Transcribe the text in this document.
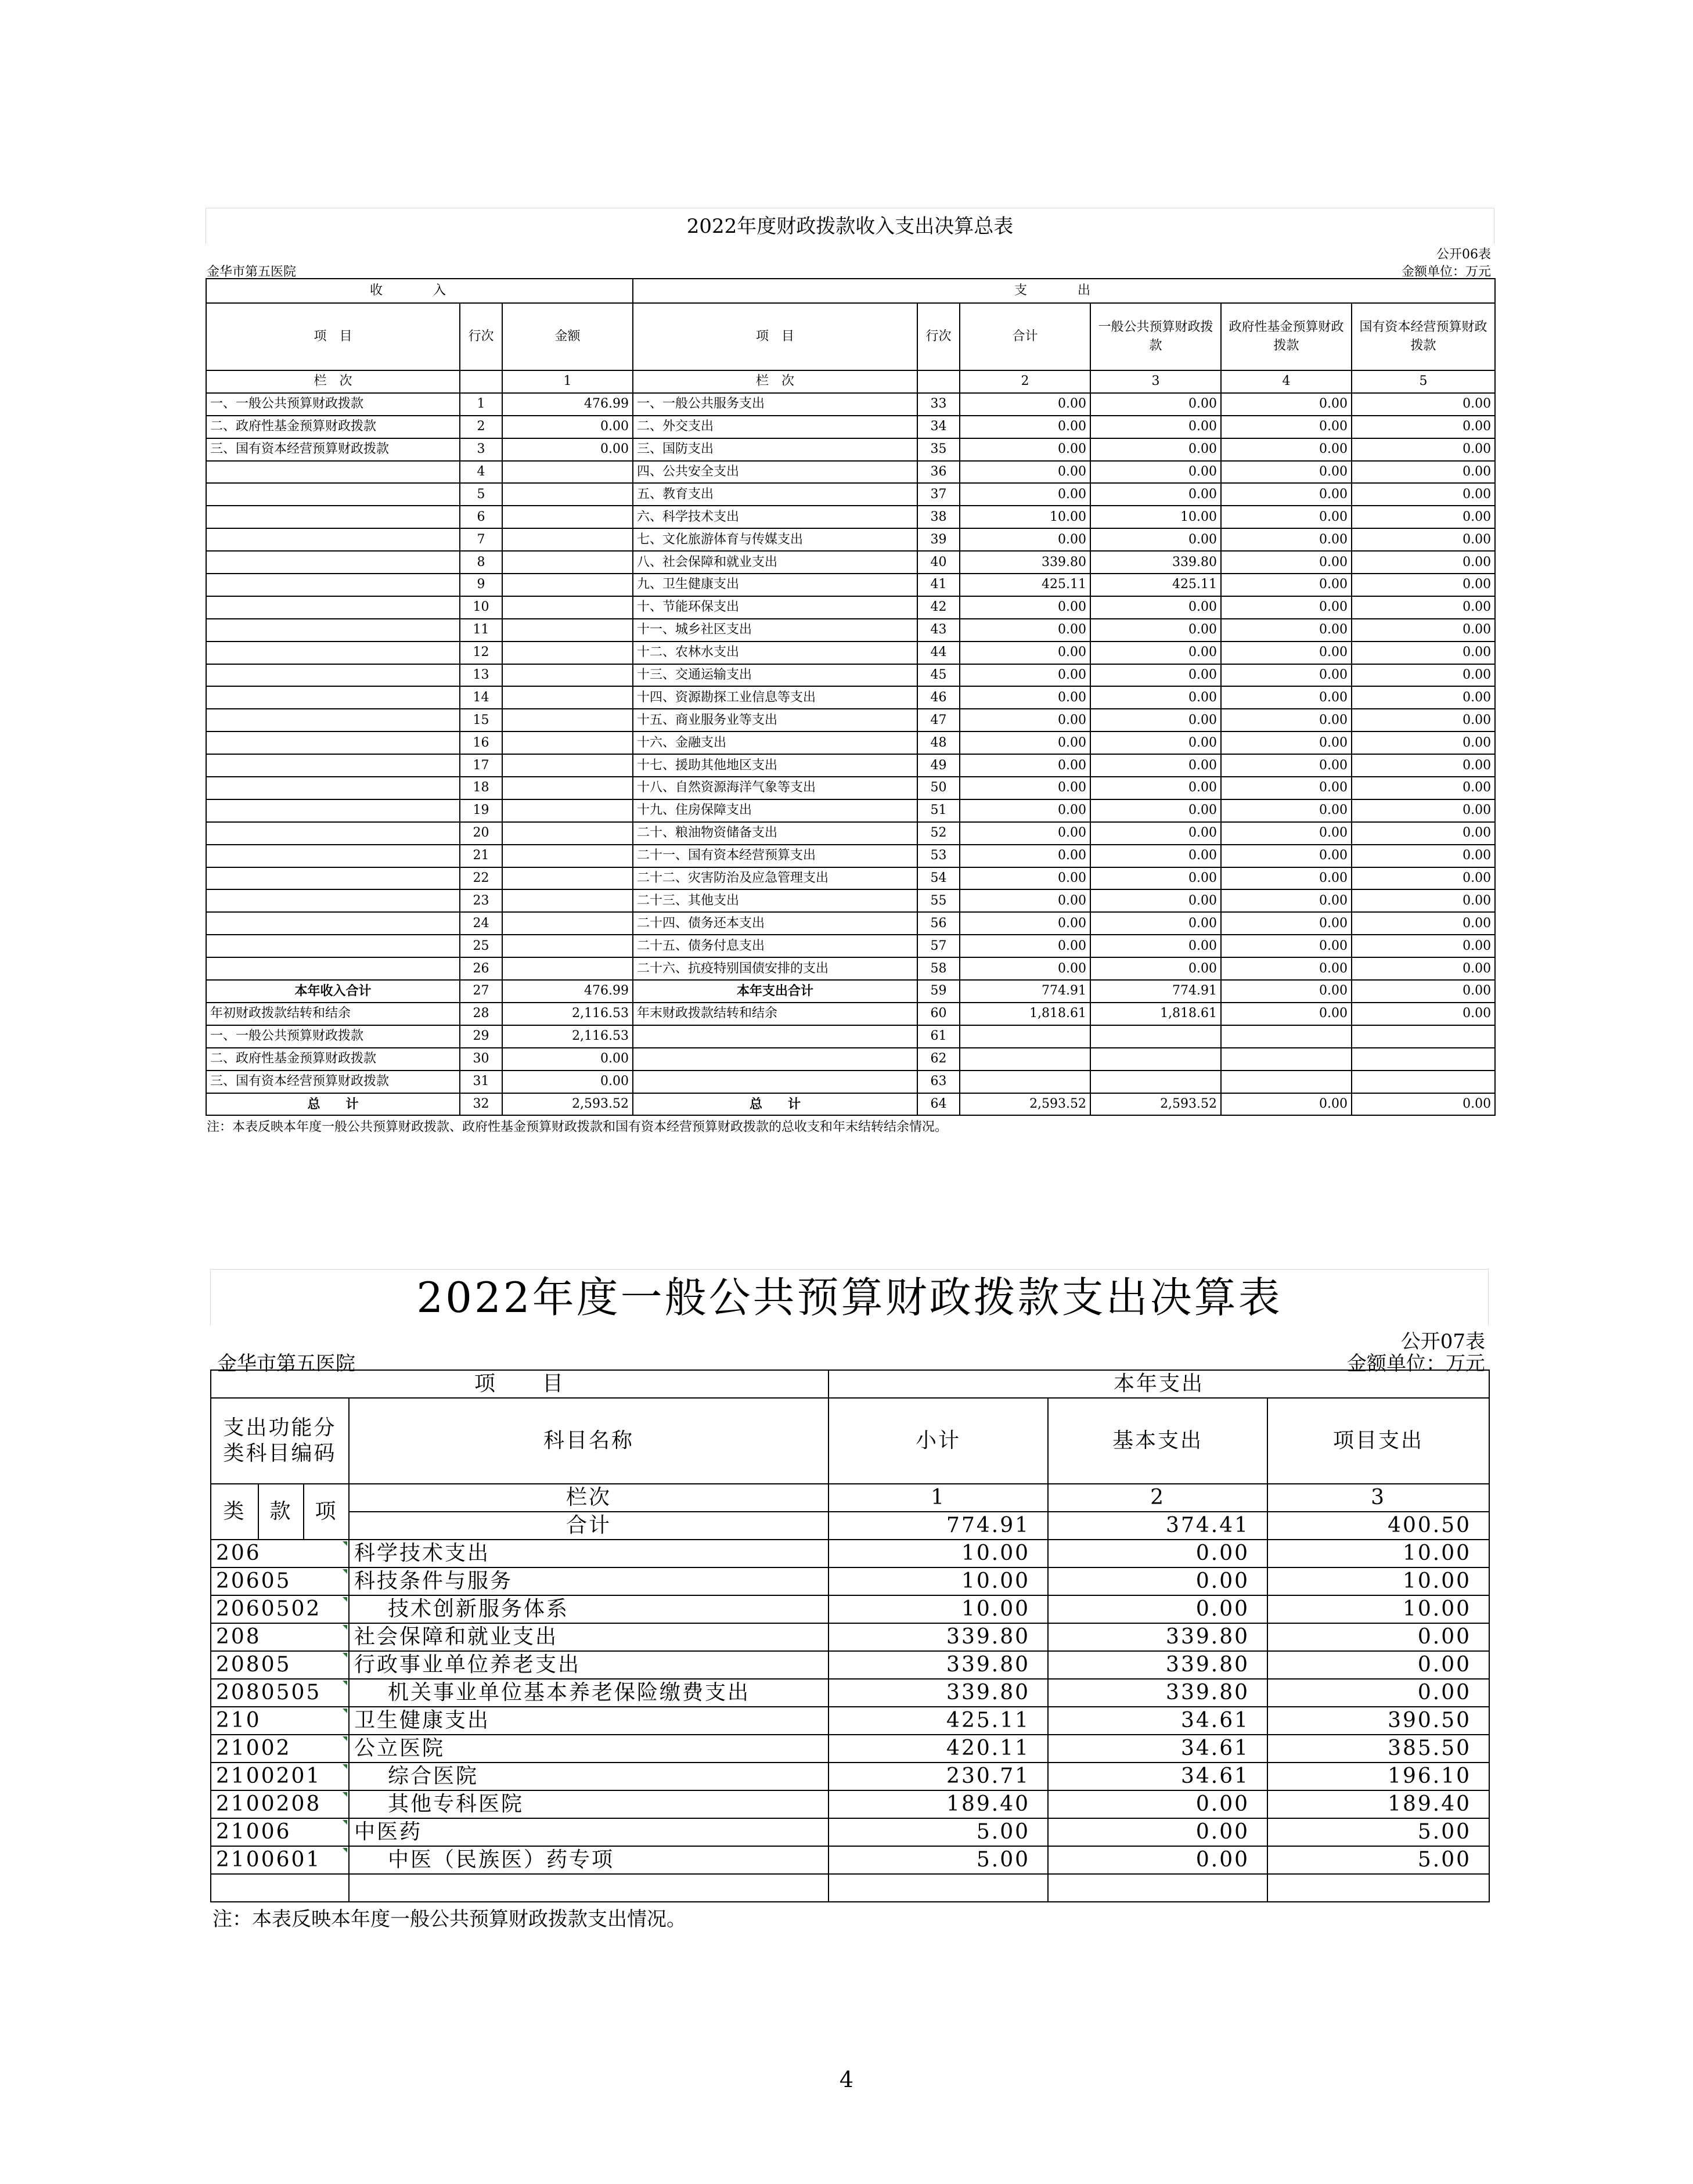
2022年度财政拨款收入支出决算总表
公开06表
金华市第五医院	金额单位：万元
收 入			支 出					
项　目	行次	金额	项　目	行次	合计	一般公共预算财政拨款	政府性基金预算财政拨款	国有资本经营预算财政拨款
栏　次		1	栏　次		2	3	4	5
一、一般公共预算财政拨款	1	476.99	一、一般公共服务支出	33	0.00	0.00	0.00	0.00
二、政府性基金预算财政拨款	2	0.00	二、外交支出	34	0.00	0.00	0.00	0.00
三、国有资本经营预算财政拨款	3	0.00	三、国防支出	35	0.00	0.00	0.00	0.00
	4		四、公共安全支出	36	0.00	0.00	0.00	0.00
	5		五、教育支出	37	0.00	0.00	0.00	0.00
	6		六、科学技术支出	38	10.00	10.00	0.00	0.00
	7		七、文化旅游体育与传媒支出	39	0.00	0.00	0.00	0.00
	8		八、社会保障和就业支出	40	339.80	339.80	0.00	0.00
	9		九、卫生健康支出	41	425.11	425.11	0.00	0.00
	10		十、节能环保支出	42	0.00	0.00	0.00	0.00
	11		十一、城乡社区支出	43	0.00	0.00	0.00	0.00
	12		十二、农林水支出	44	0.00	0.00	0.00	0.00
	13		十三、交通运输支出	45	0.00	0.00	0.00	0.00
	14		十四、资源勘探工业信息等支出	46	0.00	0.00	0.00	0.00
	15		十五、商业服务业等支出	47	0.00	0.00	0.00	0.00
	16		十六、金融支出	48	0.00	0.00	0.00	0.00
	17		十七、援助其他地区支出	49	0.00	0.00	0.00	0.00
	18		十八、自然资源海洋气象等支出	50	0.00	0.00	0.00	0.00
	19		十九、住房保障支出	51	0.00	0.00	0.00	0.00
	20		二十、粮油物资储备支出	52	0.00	0.00	0.00	0.00
	21		二十一、国有资本经营预算支出	53	0.00	0.00	0.00	0.00
	22		二十二、灾害防治及应急管理支出	54	0.00	0.00	0.00	0.00
	23		二十三、其他支出	55	0.00	0.00	0.00	0.00
	24		二十四、债务还本支出	56	0.00	0.00	0.00	0.00
	25		二十五、债务付息支出	57	0.00	0.00	0.00	0.00
	26		二十六、抗疫特别国债安排的支出	58	0.00	0.00	0.00	0.00
本年收入合计	27	476.99	本年支出合计	59	774.91	774.91	0.00	0.00
年初财政拨款结转和结余	28	2,116.53	年末财政拨款结转和结余	60	1,818.61	1,818.61	0.00	0.00
一、一般公共预算财政拨款	29	2,116.53		61				
二、政府性基金预算财政拨款	30	0.00		62				
三、国有资本经营预算财政拨款	31	0.00		63				
总　　计	32	2,593.52	总　　计	64	2,593.52	2,593.52	0.00	0.00
注：本表反映本年度一般公共预算财政拨款、政府性基金预算财政拨款和国有资本经营预算财政拨款的总收支和年末结转结余情况。
2022年度一般公共预算财政拨款支出决算表
公开07表
金华市第五医院	金额单位：万元
项　　目				本年支出		
支出功能分类科目编码			科目名称	小计	基本支出	项目支出
类	款	项				
			栏次	1	2	3
			合计	774.91	374.41	400.50
206			科学技术支出	10.00	0.00	10.00
20605			科技条件与服务	10.00	0.00	10.00
2060502			技术创新服务体系	10.00	0.00	10.00
208			社会保障和就业支出	339.80	339.80	0.00
20805			行政事业单位养老支出	339.80	339.80	0.00
2080505			机关事业单位基本养老保险缴费支出	339.80	339.80	0.00
210			卫生健康支出	425.11	34.61	390.50
21002			公立医院	420.11	34.61	385.50
2100201			综合医院	230.71	34.61	196.10
2100208			其他专科医院	189.40	0.00	189.40
21006			中医药	5.00	0.00	5.00
2100601			中医（民族医）药专项	5.00	0.00	5.00

注：本表反映本年度一般公共预算财政拨款支出情况。
4
